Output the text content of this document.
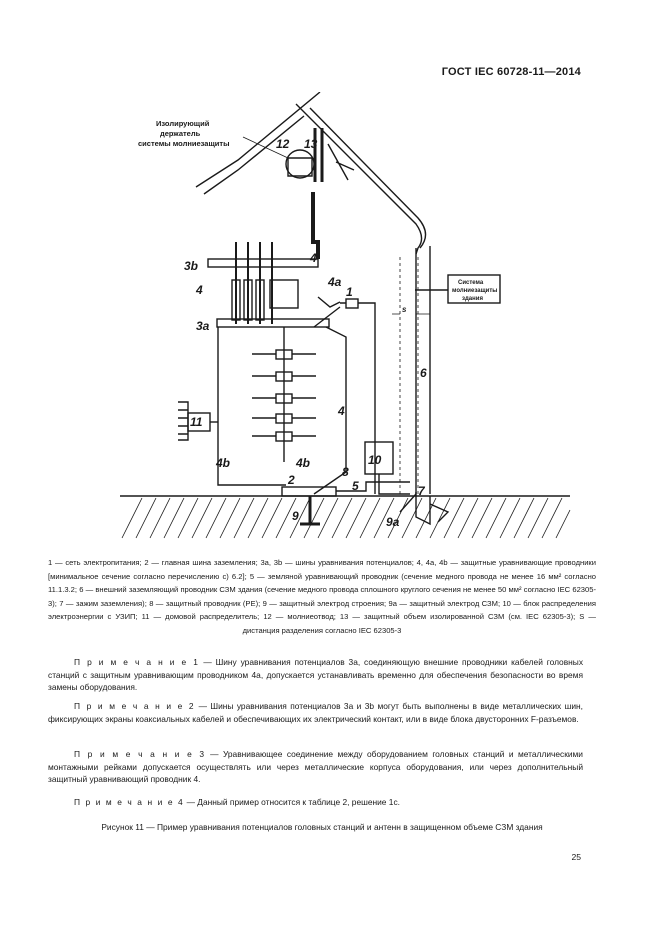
ГОСТ IEC 60728-11—2014
Изолирующий
держатель
системы молниезащиты
Система
молниезащиты
здания
12 13
3b
3a
4
4
4
4a
4b	4b
1
2	5
6
7
8
9	9a
10
11
s
1 — сеть электропитания; 2 — главная шина заземления; 3a, 3b — шины уравнивания потенциалов; 4, 4a, 4b — защитные уравнивающие проводники [минимальное сечение согласно перечислению c) 6.2]; 5 — земляной уравнивающий проводник (сечение медного провода не менее 16 мм² согласно 11.1.3.2; 6 — внешний заземляющий проводник СЗМ здания (сечение медного провода сплошного круглого сечения не менее 50 мм² согласно IEC 62305-3); 7 — зажим заземления); 8 — защитный проводник (PE); 9 — защитный электрод строения; 9a — защитный электрод СЗМ; 10 — блок распределения электроэнергии с УЗИП; 11 — домовой распределитель; 12 — молниеотвод; 13 — защитный объем изолированной СЗМ (см. IEC 62305-3); S — дистанция разделения согласно IEC 62305-3
П р и м е ч а н и е 1 — Шину уравнивания потенциалов 3a, соединяющую внешние проводники кабелей головных станций с защитным уравнивающим проводником 4a, допускается устанавливать временно для обеспечения безопасности во время замены оборудования.
П р и м е ч а н и е 2 — Шины уравнивания потенциалов 3a и 3b могут быть выполнены в виде металлических шин, фиксирующих экраны коаксиальных кабелей и обеспечивающих их электрический контакт, или в виде блока двусторонних F-разъемов.
П р и м е ч а н и е 3 — Уравнивающее соединение между оборудованием головных станций и металлическими монтажными рейками допускается осуществлять или через металлические корпуса оборудования, или через дополнительный защитный уравнивающий проводник 4.
П р и м е ч а н и е 4 — Данный пример относится к таблице 2, решение 1c.
Рисунок 11 — Пример уравнивания потенциалов головных станций и антенн в защищенном объеме СЗМ здания
25
